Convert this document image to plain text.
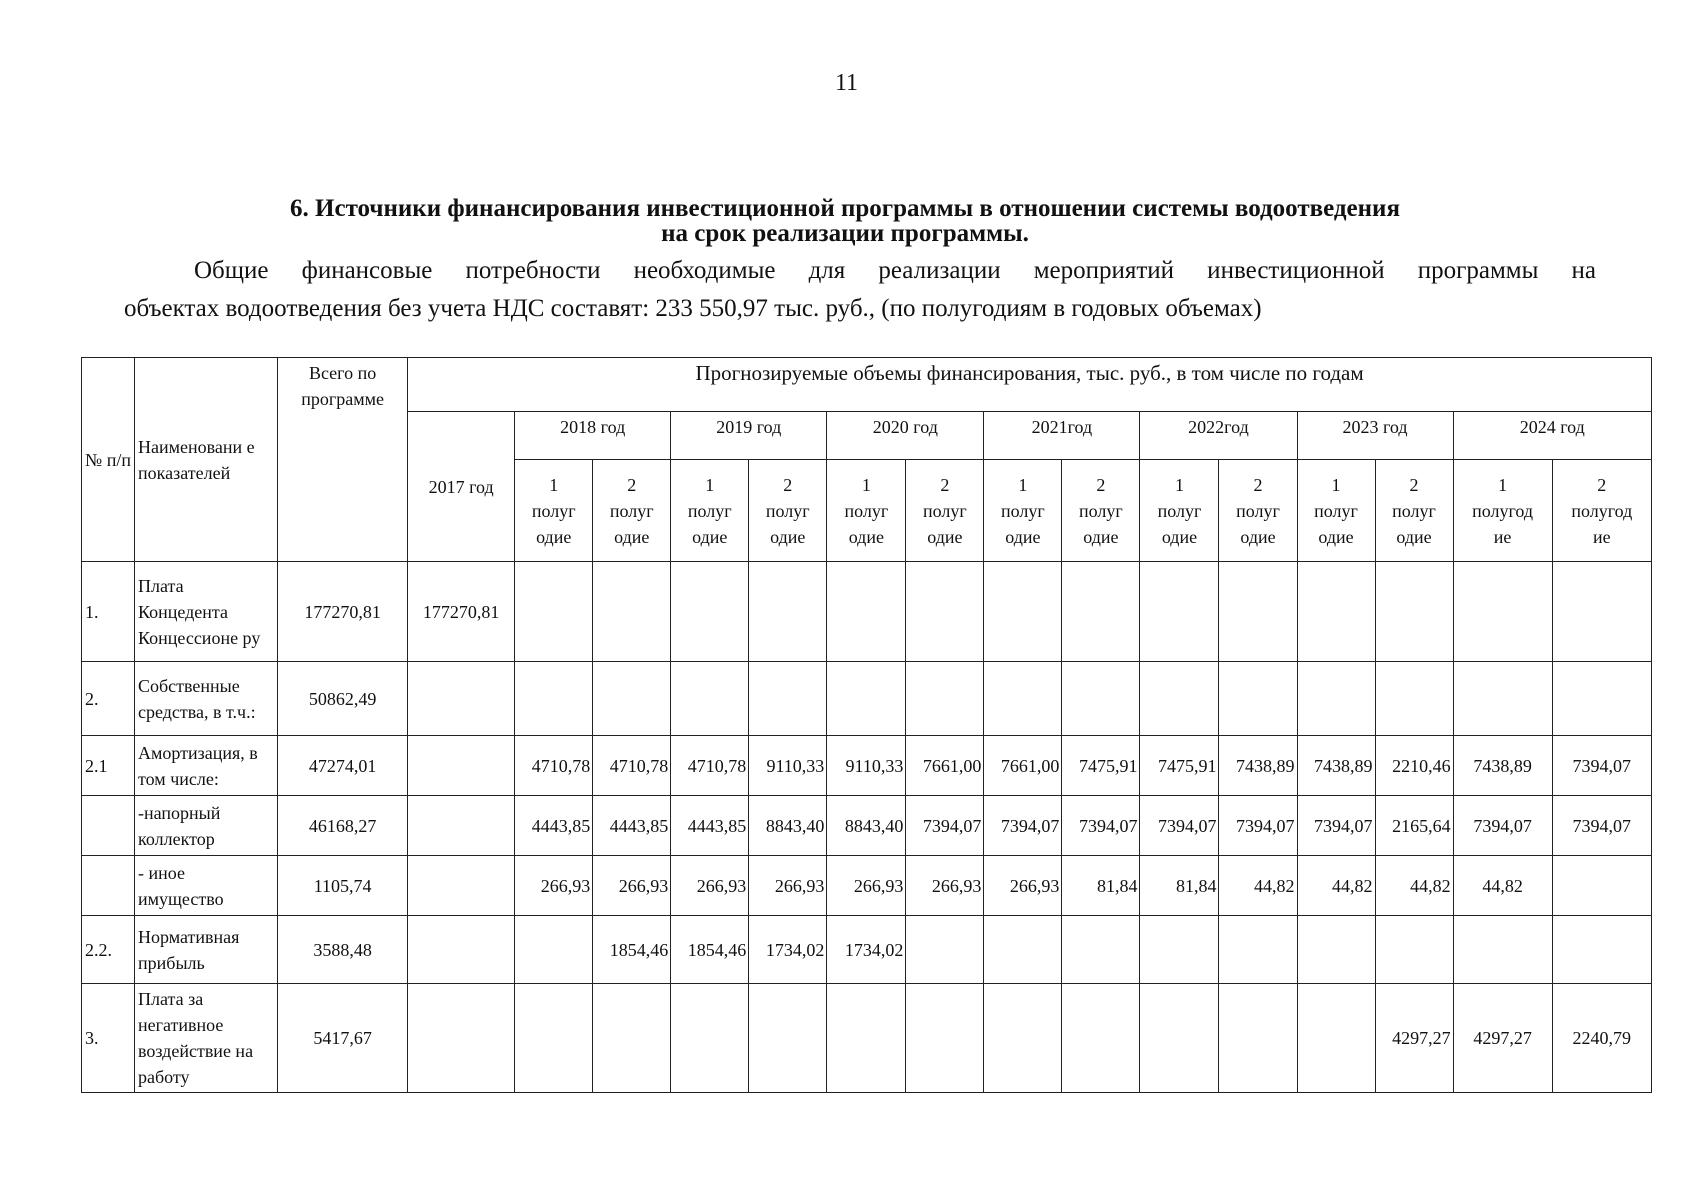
11
6. Источники финансирования инвестиционной программы в отношении системы водоотведения
на срок реализации программы.
Общие финансовые потребности необходимые для реализации мероприятий инвестиционной программы на
объектах водоотведения без учета НДС составят: 233 550,97 тыс. руб., (по полугодиям в годовых объемах)
№ п/п	Наименовани е показателей	Всего по программе	Прогнозируемые объемы финансирования, тыс. руб., в том числе по годам														
			2017 год	2018 год		2019 год		2020 год		2021год		2022год		2023 год		2024 год	

				1
полуг
одие	2
полуг
одие	1
полуг
одие	2
полуг
одие	1
полуг
одие	2
полуг
одие	1
полуг
одие	2
полуг
одие	1
полуг
одие	2
полуг
одие	1
полуг
одие	2
полуг
одие	1
полугод
ие	2
полугод
ие

1.	Плата Концедента Концессионе ру	177270,81	177270,81														
2.	Собственные средства, в т.ч.:	50862,49															
2.1	Амортизация, в том числе:	47274,01		4710,78	4710,78	4710,78	9110,33	9110,33	7661,00	7661,00	7475,91	7475,91	7438,89	7438,89	2210,46	7438,89	7394,07
	-напорный коллектор	46168,27		4443,85	4443,85	4443,85	8843,40	8843,40	7394,07	7394,07	7394,07	7394,07	7394,07	7394,07	2165,64	7394,07	7394,07
	- иное имущество	1105,74		266,93	266,93	266,93	266,93	266,93	266,93	266,93	81,84	81,84	44,82	44,82	44,82	44,82	
2.2.	Нормативная прибыль	3588,48			1854,46	1854,46	1734,02	1734,02									
3.	Плата за негативное воздействие на работу	5417,67													4297,27	4297,27	2240,79
